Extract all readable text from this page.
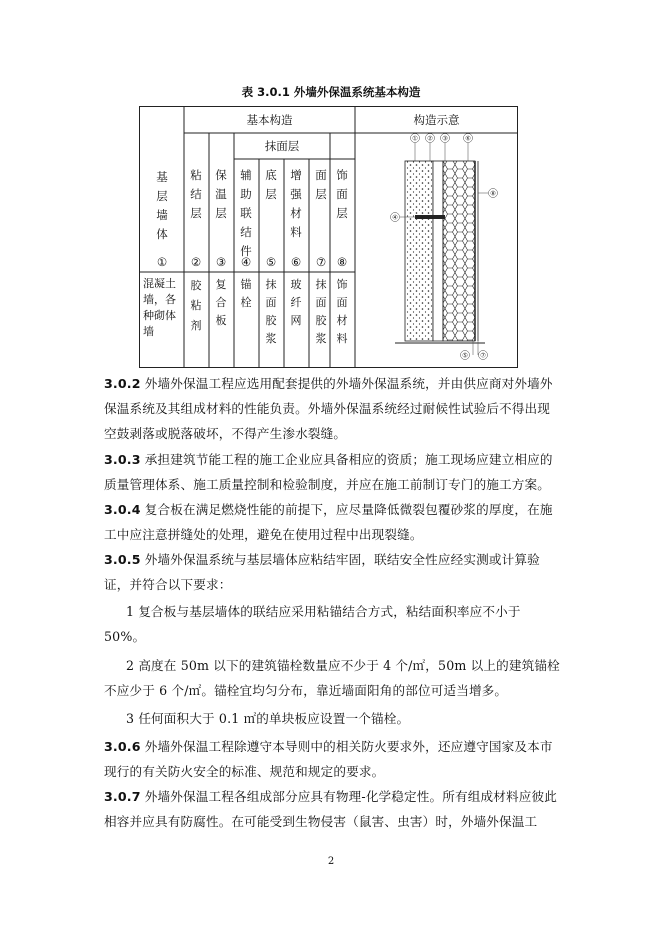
表 3.0.1 外墙外保温系统基本构造
基本构造	构造示意
抹面层
基
层
墙
体
①
混凝土
墙，各
种砌体
墙
粘
结
层
②
胶
粘
剂
保
温
层
③
复
合
板
辅
助
联
结
件
④
锚
栓
底
层
⑤
抹
面
胶
浆
增
强
材
料
⑥
玻
纤
网
面
层
⑦
抹
面
胶
浆
饰
面
层
⑧
饰
面
材
料
① ② ③	⑥
⑧
④
⑤ ⑦
3.0.2 外墙外保温工程应选用配套提供的外墙外保温系统，并由供应商对外墙外保温系统及其组成材料的性能负责。外墙外保温系统经过耐候性试验后不得出现空鼓剥落或脱落破坏，不得产生渗水裂缝。
3.0.3 承担建筑节能工程的施工企业应具备相应的资质；施工现场应建立相应的质量管理体系、施工质量控制和检验制度，并应在施工前制订专门的施工方案。
3.0.4 复合板在满足燃烧性能的前提下，应尽量降低微裂包覆砂浆的厚度，在施工中应注意拼缝处的处理，避免在使用过程中出现裂缝。
3.0.5 外墙外保温系统与基层墙体应粘结牢固，联结安全性应经实测或计算验证，并符合以下要求：
1 复合板与基层墙体的联结应采用粘锚结合方式，粘结面积率应不小于50%。
2 高度在 50m 以下的建筑锚栓数量应不少于 4 个/㎡，50m 以上的建筑锚栓不应少于 6 个/㎡。锚栓宜均匀分布，靠近墙面阳角的部位可适当增多。
3 任何面积大于 0.1 ㎡的单块板应设置一个锚栓。
3.0.6 外墙外保温工程除遵守本导则中的相关防火要求外，还应遵守国家及本市现行的有关防火安全的标准、规范和规定的要求。
3.0.7 外墙外保温工程各组成部分应具有物理-化学稳定性。所有组成材料应彼此相容并应具有防腐性。在可能受到生物侵害（鼠害、虫害）时，外墙外保温工
2
